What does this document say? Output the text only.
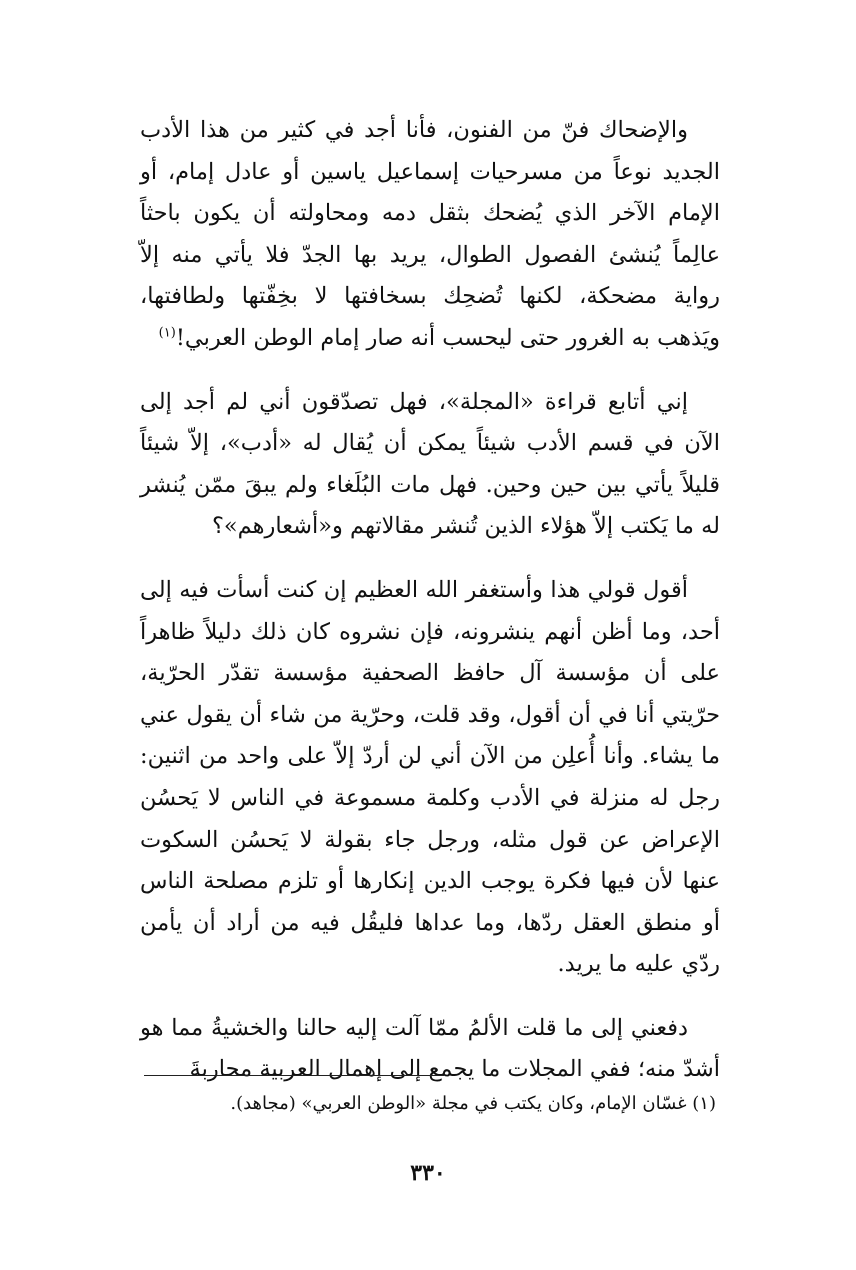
والإضحاك فنّ من الفنون، فأنا أجد في كثير من هذا الأدب الجديد نوعاً من مسرحيات إسماعيل ياسين أو عادل إمام، أو الإمام الآخر الذي يُضحك بثقل دمه ومحاولته أن يكون باحثاً عالِماً يُنشئ الفصول الطوال، يريد بها الجدّ فلا يأتي منه إلاّ رواية مضحكة، لكنها تُضحِك بسخافتها لا بخِفّتها ولطافتها، ويَذهب به الغرور حتى ليحسب أنه صار إمام الوطن العربي!$^{(١)}$

إني أتابع قراءة «المجلة»، فهل تصدّقون أني لم أجد إلى الآن في قسم الأدب شيئاً يمكن أن يُقال له «أدب»، إلاّ شيئاً قليلاً يأتي بين حين وحين. فهل مات البُلَغاء ولم يبقَ ممّن يُنشر له ما يَكتب إلاّ هؤلاء الذين تُنشر مقالاتهم و«أشعارهم»؟

أقول قولي هذا وأستغفر الله العظيم إن كنت أسأت فيه إلى أحد، وما أظن أنهم ينشرونه، فإن نشروه كان ذلك دليلاً ظاهراً على أن مؤسسة آل حافظ الصحفية مؤسسة تقدّر الحرّية، حرّيتي أنا في أن أقول، وقد قلت، وحرّية من شاء أن يقول عني ما يشاء. وأنا أُعلِن من الآن أني لن أردّ إلاّ على واحد من اثنين: رجل له منزلة في الأدب وكلمة مسموعة في الناس لا يَحسُن الإعراض عن قول مثله، ورجل جاء بقولة لا يَحسُن السكوت عنها لأن فيها فكرة يوجب الدين إنكارها أو تلزم مصلحة الناس أو منطق العقل ردّها، وما عداها فليقُل فيه من أراد أن يأمن ردّي عليه ما يريد.

دفعني إلى ما قلت الألمُ ممّا آلت إليه حالنا والخشيةُ مما هو أشدّ منه؛ ففي المجلات ما يجمع إلى إهمال العربية محاربةَ

(١) غسّان الإمام، وكان يكتب في مجلة «الوطن العربي» (مجاهد).
٣٣٠
